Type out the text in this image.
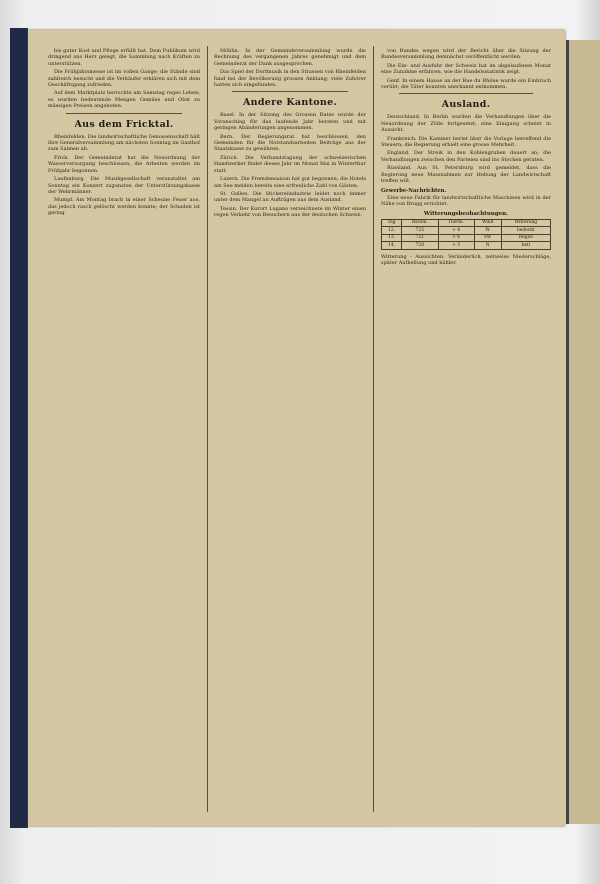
bis guter Kost und Pflege erfüllt hat. Dem Publikum wird dringend ans Herz gelegt, die Sammlung nach Kräften zu unterstützen.

Die Frühjahrsmesse ist im vollen Gange; die Stände sind zahlreich besucht und die Verkäufer erklären sich mit dem Geschäftsgang zufrieden.

Auf dem Marktplatz herrschte am Samstag reges Leben; es wurden bedeutende Mengen Gemüse und Obst zu mässigen Preisen angeboten.

Aus dem Fricktal.

Rheinfelden. Die landwirtschaftliche Genossenschaft hält ihre Generalversammlung am nächsten Sonntag im Gasthof zum Salmen ab.

Frick. Der Gemeinderat hat die Neuordnung der Wasserversorgung beschlossen; die Arbeiten werden im Frühjahr begonnen.

Laufenburg. Die Musikgesellschaft veranstaltet am Sonntag ein Konzert zugunsten der Unterstützungskasse der Wehrmänner.

Mumpf. Am Montag brach in einer Scheune Feuer aus, das jedoch rasch gelöscht werden konnte; der Schaden ist gering.

Möhlin. In der Gemeindeversammlung wurde die Rechnung des vergangenen Jahres genehmigt und dem Gemeinderat der Dank ausgesprochen.

Das Spiel der Dorfmusik in den Strassen von Rheinfelden fand bei der Bevölkerung grossen Anklang; viele Zuhörer hatten sich eingefunden.

Andere Kantone.

Basel. In der Sitzung des Grossen Rates wurde der Voranschlag für das laufende Jahr beraten und mit geringen Abänderungen angenommen.

Bern. Der Regierungsrat hat beschlossen, den Gemeinden für die Notstandsarbeiten Beiträge aus der Staatskasse zu gewähren.

Zürich. Die Verbandstagung der schweizerischen Handwerker findet dieses Jahr im Monat Mai in Winterthur statt.

Luzern. Die Fremdensaison hat gut begonnen; die Hotels am See melden bereits eine erfreuliche Zahl von Gästen.

St. Gallen. Die Stickereiindustrie leidet noch immer unter dem Mangel an Aufträgen aus dem Ausland.

Tessin. Der Kurort Lugano verzeichnete im Winter einen regen Verkehr von Besuchern aus der deutschen Schweiz.

von Bundes wegen wird der Bericht über die Sitzung der Bundesversammlung demnächst veröffentlicht werden.

Die Ein- und Ausfuhr der Schweiz hat im abgelaufenen Monat eine Zunahme erfahren, wie die Handelsstatistik zeigt.

Genf. In einem Hause an der Rue du Rhône wurde ein Einbruch verübt; die Täter konnten unerkannt entkommen.

Ausland.

Deutschland. In Berlin wurden die Verhandlungen über die Neuordnung der Zölle fortgesetzt; eine Einigung scheint in Aussicht.

Frankreich. Die Kammer beriet über die Vorlage betreffend die Steuern; die Regierung erhielt eine grosse Mehrheit.

England. Der Streik in den Kohlengruben dauert an; die Verhandlungen zwischen den Parteien sind ins Stocken geraten.

Russland. Aus St. Petersburg wird gemeldet, dass die Regierung neue Massnahmen zur Hebung der Landwirtschaft treffen will.

Gewerbe-Nachrichten.

Eine neue Fabrik für landwirtschaftliche Maschinen wird in der Nähe von Brugg errichtet.

Witterungsbeobachtungen.
Tag	Barom.	Therm.	Wind	Witterung
12.	725	+ 4	W	bedeckt
13.	721	+ 6	SW	Regen
14.	728	+ 3	N	hell
Witterung - Aussichten. Veränderlich, zeitweise Niederschläge, später Aufhellung und kühler.
